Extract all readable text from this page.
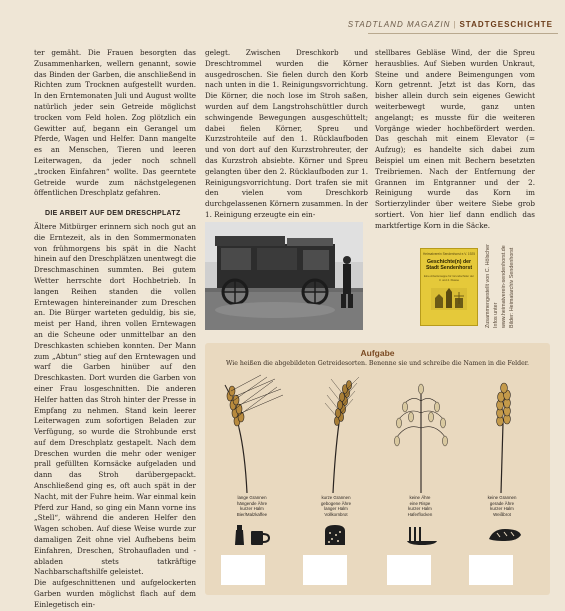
STADTLAND MAGAZIN | STADTGESCHICHTE

ter gemäht. Die Frauen besorgten das Zusammenharken, wellern genannt, sowie das Binden der Garben, die anschließend in Richten zum Trocknen aufgestellt wurden. In den Erntemonaten Juli und August wollte natürlich jeder sein Getreide möglichst trocken vom Feld holen. Zog plötzlich ein Gewitter auf, begann ein Gerangel um Pferde, Wagen und Helfer. Dann mangelte es an Menschen, Tieren und leeren Leiterwagen, da jeder noch schnell „trocken Einfahren“ wollte. Das geerntete Getreide wurde zum nächstgelegenen öffentlichen Dreschplatz gefahren.

DIE ARBEIT AUF DEM DRESCHPLATZ

Ältere Mitbürger erinnern sich noch gut an die Erntezeit, als in den Sommermonaten von frühmorgens bis spät in die Nacht hinein auf den Dreschplätzen unentwegt die Dreschmaschinen summten. Bei gutem Wetter herrschte dort Hochbetrieb. In langen Reihen standen die vollen Erntewagen hintereinander zum Dreschen an. Die Bürger warteten geduldig, bis sie, meist per Hand, ihren vollen Erntewagen an die Scheune oder unmittelbar an den Dreschkasten schieben konnten. Der Mann zum „Abtun“ stieg auf den Erntewagen und warf die Garben hinüber auf den Dreschkasten. Dort wurden die Garben von einer Frau losgeschnitten. Die anderen Helfer hatten das Stroh hinter der Presse in Empfang zu nehmen. Stand kein leerer Leiterwagen zum sofortigen Beladen zur Verfügung, so wurde die Strohbunde erst auf dem Dreschplatz gestapelt. Nach dem Dreschen wurden die mehr oder weniger prall gefüllten Kornsäcke aufgeladen und dann das Stroh darübergepackt. Anschließend ging es, oft auch spät in der Nacht, mit der Fuhre heim. War einmal kein Pferd zur Hand, so ging ein Mann vorne ins „Stell“, während die anderen Helfer den Wagen schoben. Auf diese Weise wurde zur damaligen Zeit ohne viel Aufhebens beim Einfahren, Dreschen, Strohaufladen und -abladen stets tatkräftige Nachbarschaftshilfe geleistet.

Die aufgeschnittenen und aufgelockerten Garben wurden möglichst flach auf dem Einlegetisch ein-

gelegt. Zwischen Dreschkorb und Dreschtrommel wurden die Körner ausgedroschen. Sie fielen durch den Korb nach unten in die 1. Reinigungsvorrichtung. Die Körner, die noch lose im Stroh saßen, wurden auf dem Langstrohschüttler durch schwingende Bewegungen ausgeschüttelt; dabei fielen Körner, Spreu und Kurzstrohteile auf den 1. Rücklaufboden und von dort auf den Kurzstrohreuter, der das Kurzstroh absiebte. Körner und Spreu gelangten über den 2. Rücklaufboden zur 1. Reinigungsvorrichtung. Dort trafen sie mit den vielen vom Dreschkorb durchgelassenen Körnern zusammen. In der 1. Reinigung erzeugte ein ein-

stellbares Gebläse Wind, der die Spreu herausblies. Auf Sieben wurden Unkraut, Steine und andere Beimengungen vom Korn getrennt. Jetzt ist das Korn, das bisher allein durch sein eigenes Gewicht weiterbewegt wurde, ganz unten angelangt; es musste für die weiteren Vorgänge wieder hochbefördert werden. Das geschah mit einem Elevator (= Aufzug); es handelte sich dabei zum Beispiel um einen mit Bechern besetzten Treibriemen. Nach der Entfernung der Grannen im Entgranner und der 2. Reinigung wurde das Korn im Sortierzylinder über weitere Siebe grob sortiert. Von hier lief dann endlich das marktfertige Korn in die Säcke.

Heimatverein Sendenhorst e.V. 1925
Geschichte(n) der Stadt Sendenhorst
Eine Arbeitsmappe für Grundschüler der 3. und 4. Klasse	Zusammengestellt von C. Hölscher Infos unter www.heimatverein-sendenhorst.de Bilder: Heimatarchiv Sendenhorst
Aufgabe
Wie heißen die abgebildeten Getreidesorten. Benenne sie und schreibe die Namen in die Felder.
lange Grannen
hängende Ähre
kurzer Halm
Bier/Malzkaffee
kurze Grannen
gebogene Ähre
langer Halm
Vollkornbrot
keine Ähre
eine Rispe
kurzer Halm
Haferflocken
keine Grannen
gerade Ähre
kurzer Halm
Weißbrot
